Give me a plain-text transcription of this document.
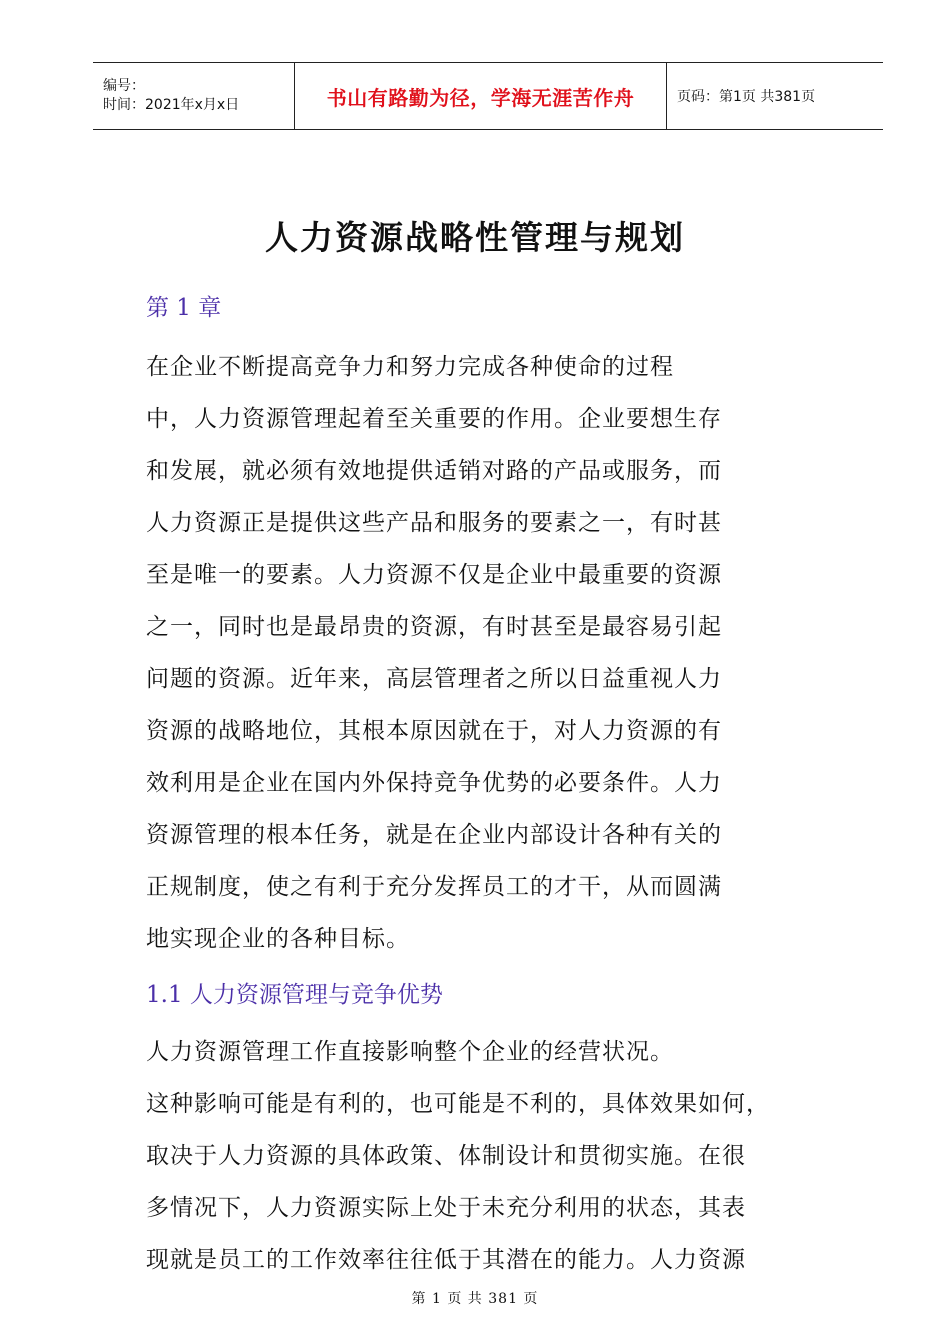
编号：
时间：2021年x月x日	书山有路勤为径，学海无涯苦作舟	页码：第1页 共381页
人力资源战略性管理与规划
第 1 章
在企业不断提高竞争力和努力完成各种使命的过程
中，人力资源管理起着至关重要的作用。企业要想生存
和发展，就必须有效地提供适销对路的产品或服务，而
人力资源正是提供这些产品和服务的要素之一，有时甚
至是唯一的要素。人力资源不仅是企业中最重要的资源
之一，同时也是最昂贵的资源，有时甚至是最容易引起
问题的资源。近年来，高层管理者之所以日益重视人力
资源的战略地位，其根本原因就在于，对人力资源的有
效利用是企业在国内外保持竞争优势的必要条件。人力
资源管理的根本任务，就是在企业内部设计各种有关的
正规制度，使之有利于充分发挥员工的才干，从而圆满
地实现企业的各种目标。
1.1 人力资源管理与竞争优势
人力资源管理工作直接影响整个企业的经营状况。
这种影响可能是有利的，也可能是不利的，具体效果如何，
取决于人力资源的具体政策、体制设计和贯彻实施。在很
多情况下，人力资源实际上处于未充分利用的状态，其表
现就是员工的工作效率往往低于其潜在的能力。人力资源
第 1 页 共 381 页
